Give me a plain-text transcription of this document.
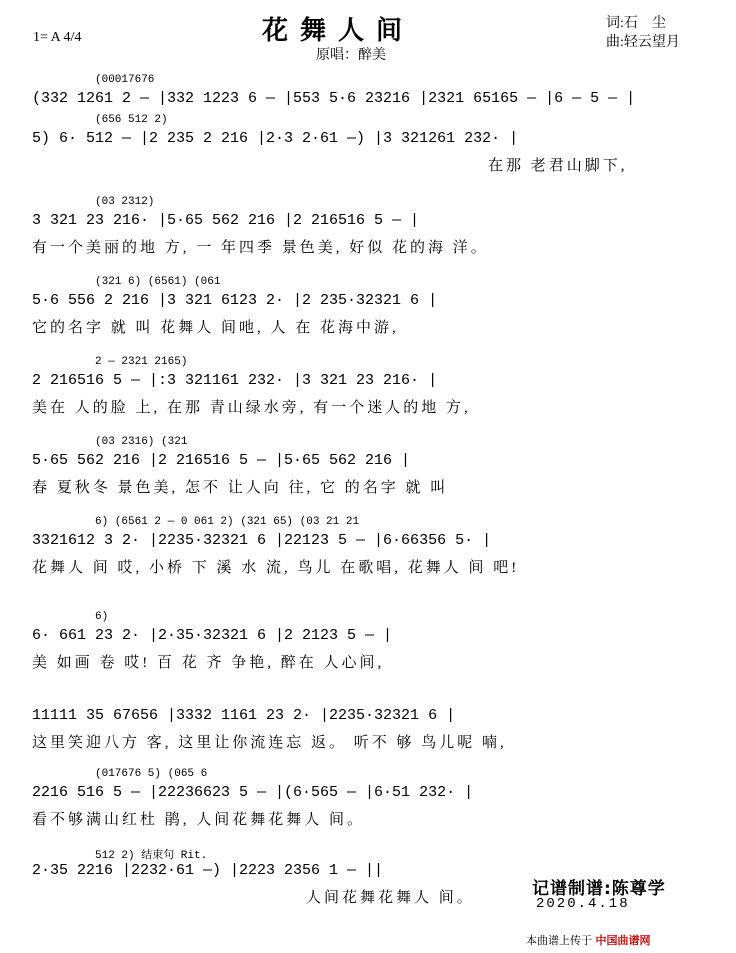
花舞人间
1= A 4/4
原唱：醉美
词:石　尘
曲:轻云望月
(00017676
(332 1261 2 — |332 1223 6 — |553 5·6 23216 |2321 65165 — |6 — 5 — |
(656 512 2)
5) 6· 512 — |2 235 2 216 |2·3 2·61 —) |3 321261 232· |
在那 老君山脚下,
(03 2312)
3 321 23 216· |5·65 562 216 |2 216516 5 — |
有一个美丽的地 方, 一 年四季 景色美, 好似 花的海 洋。
(321 6) (6561) (061
5·6 556 2 216 |3 321 6123 2· |2 235·32321 6 |
它的名字 就 叫 花舞人 间吔, 人 在 花海中游,
2 — 2321 2165)
2 216516 5 — |:3 321161 232· |3 321 23 216· |
美在 人的脸 上, 在那 青山绿水旁, 有一个迷人的地 方,
(03 2316) (321
5·65 562 216 |2 216516 5 — |5·65 562 216 |
春 夏秋冬 景色美, 怎不 让人向 往, 它 的名字 就 叫
6) (6561 2 — 0 061 2) (321 65) (03 21 21
3321612 3 2· |2235·32321 6 |22123 5 — |6·66356 5· |
花舞人 间 哎, 小桥 下 溪 水 流, 鸟儿 在歌唱, 花舞人 间 吧!
6)
6· 661 23 2· |2·35·32321 6 |2 2123 5 — |
美 如画 卷 哎! 百 花 齐 争艳, 醉在 人心间,
11111 35 67656 |3332 1161 23 2· |2235·32321 6 |
这里笑迎八方 客, 这里让你流连忘 返。 听不 够 鸟儿呢 喃,
(017676 5) (065 6
2216 516 5 — |22236623 5 — |(6·565 — |6·51 232· |
看不够满山红杜 鹃, 人间花舞花舞人 间。
512 2) 结束句 Rit.
2·35 2216 |2232·61 —) |2223 2356 1 — ||
人间花舞花舞人 间。	记谱制谱:陈尊学
2020.4.18
本曲谱上传于 中国曲谱网
